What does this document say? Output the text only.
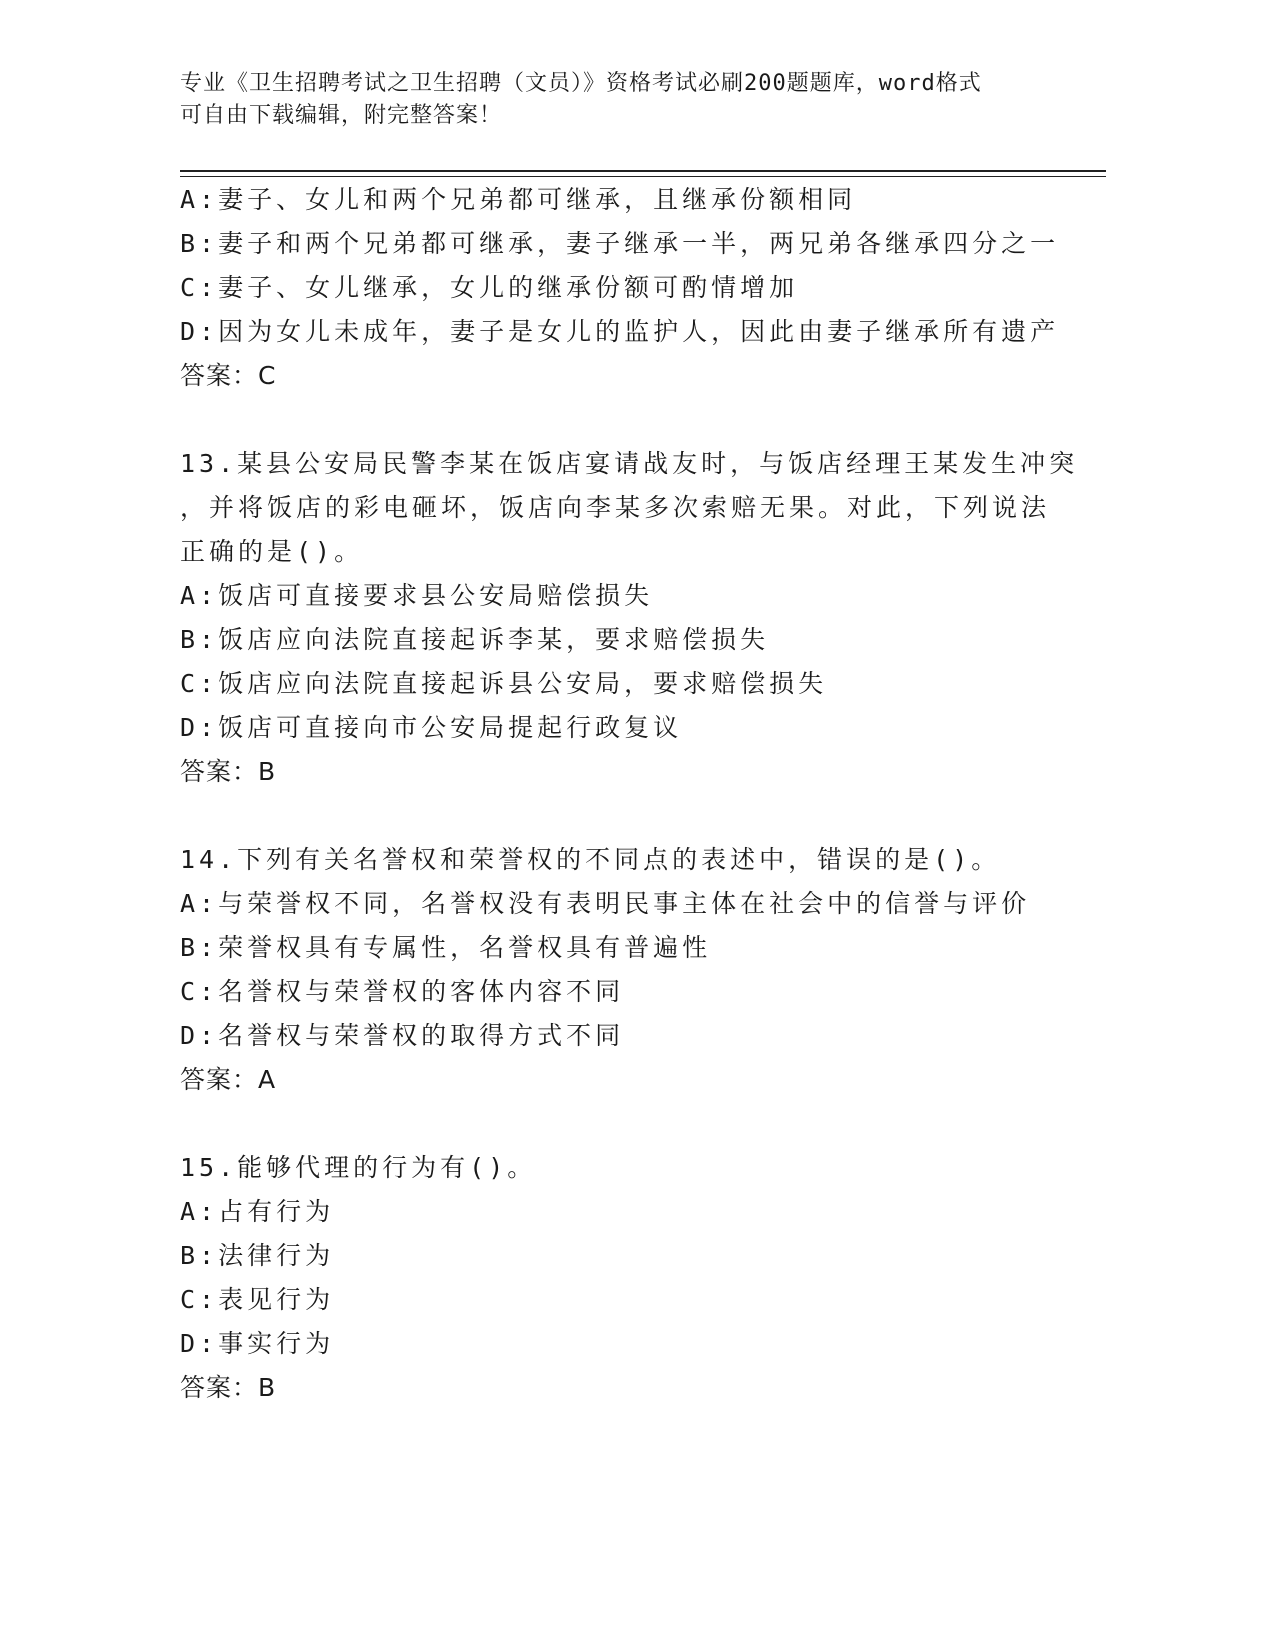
专业《卫生招聘考试之卫生招聘（文员）》资格考试必刷200题题库，word格式
可自由下载编辑，附完整答案！
A:妻子、女儿和两个兄弟都可继承，且继承份额相同
B:妻子和两个兄弟都可继承，妻子继承一半，两兄弟各继承四分之一
C:妻子、女儿继承，女儿的继承份额可酌情增加
D:因为女儿未成年，妻子是女儿的监护人，因此由妻子继承所有遗产
答案：C
13.某县公安局民警李某在饭店宴请战友时，与饭店经理王某发生冲突
，并将饭店的彩电砸坏，饭店向李某多次索赔无果。对此，下列说法
正确的是()。
A:饭店可直接要求县公安局赔偿损失
B:饭店应向法院直接起诉李某，要求赔偿损失
C:饭店应向法院直接起诉县公安局，要求赔偿损失
D:饭店可直接向市公安局提起行政复议
答案：B
14.下列有关名誉权和荣誉权的不同点的表述中，错误的是()。
A:与荣誉权不同，名誉权没有表明民事主体在社会中的信誉与评价
B:荣誉权具有专属性，名誉权具有普遍性
C:名誉权与荣誉权的客体内容不同
D:名誉权与荣誉权的取得方式不同
答案：A
15.能够代理的行为有()。
A:占有行为
B:法律行为
C:表见行为
D:事实行为
答案：B
